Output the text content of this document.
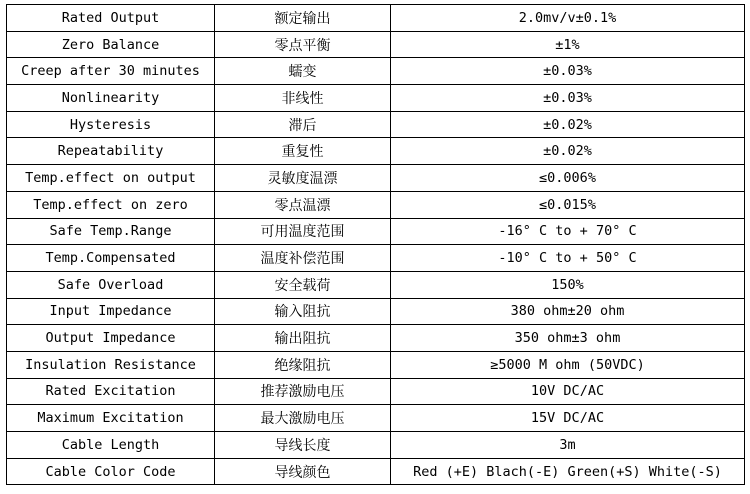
Rated Output	额定输出	2.0mv/v±0.1%
Zero Balance	零点平衡	±1%
Creep after 30 minutes	蠕变	±0.03%
Nonlinearity	非线性	±0.03%
Hysteresis	滞后	±0.02%
Repeatability	重复性	±0.02%
Temp.effect on output	灵敏度温漂	≤0.006%
Temp.effect on zero	零点温漂	≤0.015%
Safe Temp.Range	可用温度范围	-16° C to + 70° C
Temp.Compensated	温度补偿范围	-10° C to + 50° C
Safe Overload	安全载荷	150%
Input Impedance	输入阻抗	380 ohm±20 ohm
Output Impedance	输出阻抗	350 ohm±3 ohm
Insulation Resistance	绝缘阻抗	≥5000 M ohm (50VDC)
Rated Excitation	推荐激励电压	10V DC/AC
Maximum Excitation	最大激励电压	15V DC/AC
Cable Length	导线长度	3m
Cable Color Code	导线颜色	Red (+E) Blach(-E) Green(+S) White(-S)
